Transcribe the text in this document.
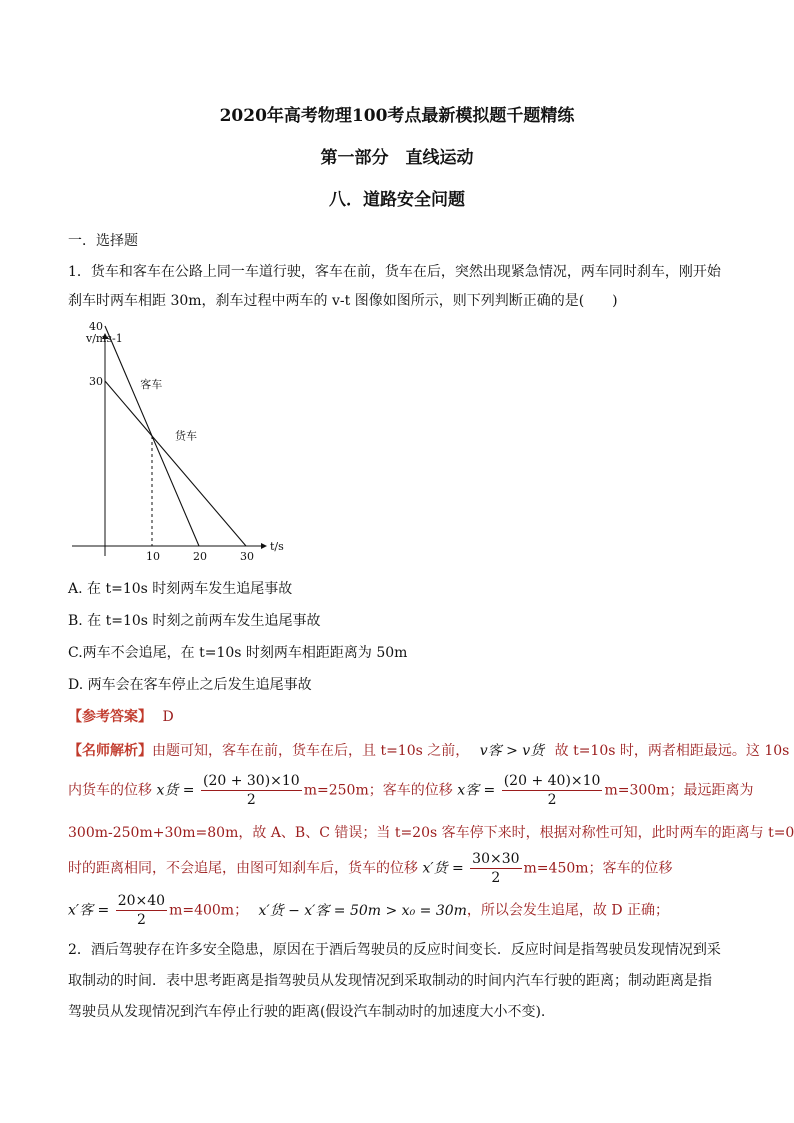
2020年高考物理100考点最新模拟题千题精练
第一部分　直线运动
八．道路安全问题
一．选择题
1．货车和客车在公路上同一车道行驶，客车在前，货车在后，突然出现紧急情况，两车同时刹车，刚开始
刹车时两车相距 30m，刹车过程中两车的 v-t 图像如图所示，则下列判断正确的是(　　)
v/ms-1
t/s
客车
货车
10	20	30
30
40
A. 在 t=10s 时刻两车发生追尾事故
B. 在 t=10s 时刻之前两车发生追尾事故
C.两车不会追尾，在 t=10s 时刻两车相距距离为 50m
D. 两车会在客车停止之后发生追尾事故
【参考答案】 D
【名师解析】由题可知，客车在前，货车在后，且 t=10s 之前， v客 > v货 故 t=10s 时，两者相距最远。这 10s
内货车的位移 x货 = $\frac{(20 + 30)\times 10}{2} m=250m$；客车的位移 x客 = $\frac{(20 + 40)\times 10}{2} m=300m$；最远距离为
300m-250m+30m=80m，故 A、B、C 错误；当 t=20s 客车停下来时，根据对称性可知，此时两车的距离与 t=0
时的距离相同，不会追尾，由图可知刹车后，货车的位移 x′货 = $\frac{30\times 30}{2} m=450m$；客车的位移
x′客 = $\frac{20\times 40}{2} m=400m$； x′货 − x′客 = 50m > x₀ = 30m，所以会发生追尾，故 D 正确；
2．酒后驾驶存在许多安全隐患，原因在于酒后驾驶员的反应时间变长．反应时间是指驾驶员发现情况到采
取制动的时间．表中思考距离是指驾驶员从发现情况到采取制动的时间内汽车行驶的距离；制动距离是指
驾驶员从发现情况到汽车停止行驶的距离(假设汽车制动时的加速度大小不变).
